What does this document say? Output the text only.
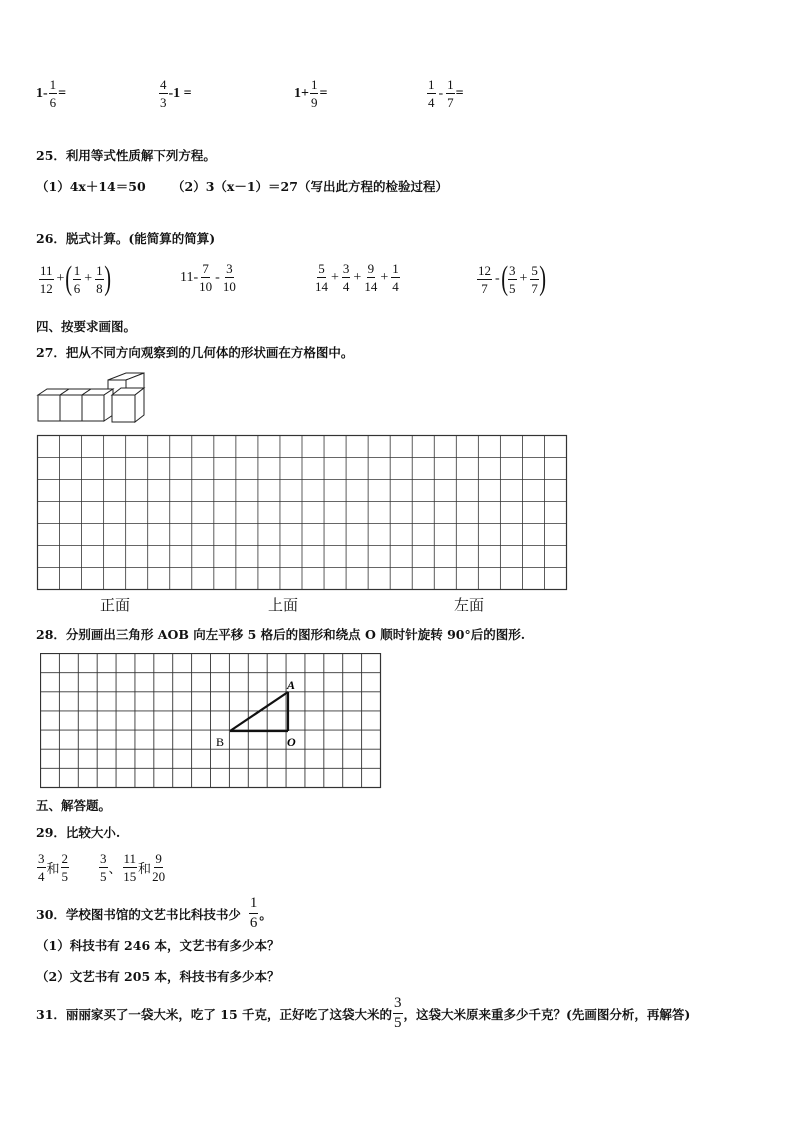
$1- \frac{1}{6}$ =	$\frac{4}{3} -1$ =	$1+ \frac{1}{9}$ =	$\frac{1}{4} - \frac{1}{7}$ =
25．利用等式性质解下列方程。
（1）4x＋14＝50 （2）3（x－1）＝27（写出此方程的检验过程）
26．脱式计算。(能简算的简算)
$\frac{11}{12}$ + ( $\frac{1}{6} + \frac{1}{8}$ )	$11- \frac{7}{10} - \frac{3}{10}$	$\frac{5}{14} + \frac{3}{4} + \frac{9}{14} + \frac{1}{4}$	$\frac{12}{7}$ - ( $\frac{3}{5} + \frac{5}{7}$ )
四、按要求画图。
27．把从不同方向观察到的几何体的形状画在方格图中。
正面	上面	左面
28．分别画出三角形 AOB 向左平移 5 格后的图形和绕点 O 顺时针旋转 90°后的图形.
A
B	O
五、解答题。
29．比较大小.
$\frac{3}{4}$ 和 $\frac{2}{5} \frac{3}{5}$ 、 $\frac{11}{15}$ 和 $\frac{9}{20}$
30．学校图书馆的文艺书比科技书少 $\frac{1}{6}$ 。
（1）科技书有 246 本，文艺书有多少本？
（2）文艺书有 205 本，科技书有多少本？
31．丽丽家买了一袋大米，吃了 15 千克，正好吃了这袋大米的 $\frac{3}{5}$ ，这袋大米原来重多少千克？(先画图分析，再解答)
